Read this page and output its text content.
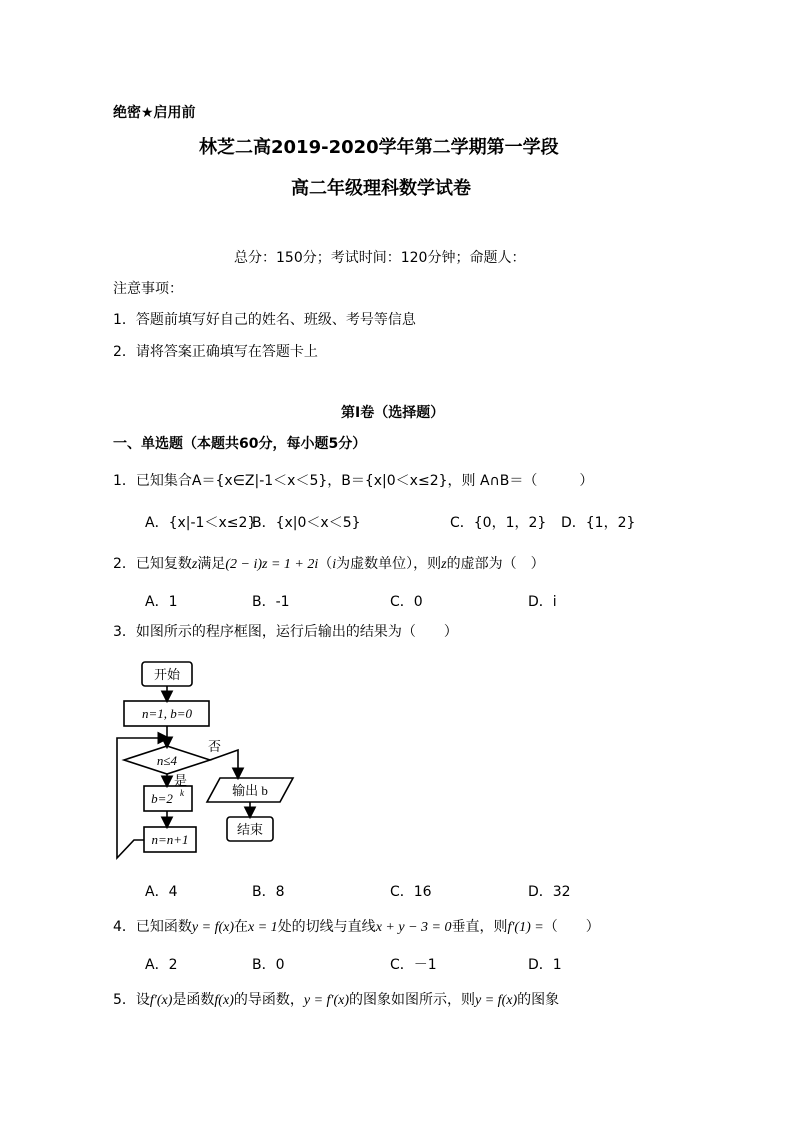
绝密★启用前
林芝二高2019-2020学年第二学期第一学段
高二年级理科数学试卷
总分：150分；考试时间：120分钟；命题人：
注意事项：
1．答题前填写好自己的姓名、班级、考号等信息
2．请将答案正确填写在答题卡上
第I卷（选择题）
一、单选题（本题共60分，每小题5分）
1．已知集合A＝{x∈Z|-1＜x＜5}，B＝{x|0＜x≤2}，则 A∩B＝（　　　）
A．{x|-1＜x≤2}
B．{x|0＜x＜5}	C．{0，1，2} D．{1，2}
2．已知复数z满足(2 − i)z = 1 + 2i（i为虚数单位），则z的虚部为（　）
A．1	B．-1	C．0	D．i
3．如图所示的程序框图，运行后输出的结果为（　　）
开始
n=1, b=0
n≤4
否
是
b=2 k
n=n+1
输出 b
结束
A．4	B．8	C．16	D．32
4．已知函数y = f(x)在x = 1处的切线与直线x + y − 3 = 0垂直，则f′(1) =（　　）
A．2	B．0	C．－1	D．1
5．设f′(x)是函数f(x)的导函数，y = f′(x)的图象如图所示，则y = f(x)的图象
